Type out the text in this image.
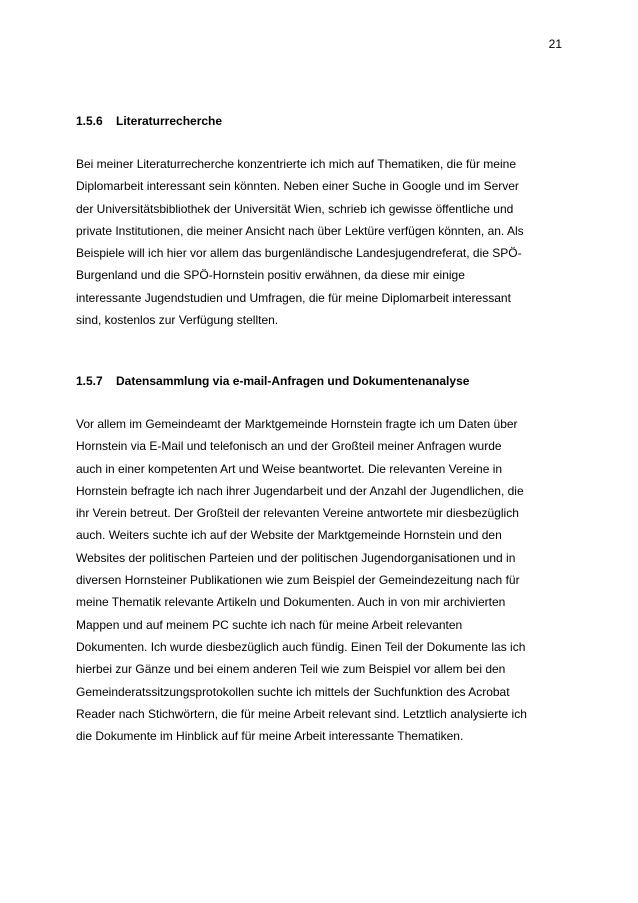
21
1.5.6 Literaturrecherche

Bei meiner Literaturrecherche konzentrierte ich mich auf Thematiken, die für meine
Diplomarbeit interessant sein könnten. Neben einer Suche in Google und im Server
der Universitätsbibliothek der Universität Wien, schrieb ich gewisse öffentliche und
private Institutionen, die meiner Ansicht nach über Lektüre verfügen könnten, an. Als
Beispiele will ich hier vor allem das burgenländische Landesjugendreferat, die SPÖ-
Burgenland und die SPÖ-Hornstein positiv erwähnen, da diese mir einige
interessante Jugendstudien und Umfragen, die für meine Diplomarbeit interessant
sind, kostenlos zur Verfügung stellten.

1.5.7 Datensammlung via e-mail-Anfragen und Dokumentenanalyse

Vor allem im Gemeindeamt der Marktgemeinde Hornstein fragte ich um Daten über
Hornstein via E-Mail und telefonisch an und der Großteil meiner Anfragen wurde
auch in einer kompetenten Art und Weise beantwortet. Die relevanten Vereine in
Hornstein befragte ich nach ihrer Jugendarbeit und der Anzahl der Jugendlichen, die
ihr Verein betreut. Der Großteil der relevanten Vereine antwortete mir diesbezüglich
auch. Weiters suchte ich auf der Website der Marktgemeinde Hornstein und den
Websites der politischen Parteien und der politischen Jugendorganisationen und in
diversen Hornsteiner Publikationen wie zum Beispiel der Gemeindezeitung nach für
meine Thematik relevante Artikeln und Dokumenten. Auch in von mir archivierten
Mappen und auf meinem PC suchte ich nach für meine Arbeit relevanten
Dokumenten. Ich wurde diesbezüglich auch fündig. Einen Teil der Dokumente las ich
hierbei zur Gänze und bei einem anderen Teil wie zum Beispiel vor allem bei den
Gemeinderatssitzungsprotokollen suchte ich mittels der Suchfunktion des Acrobat
Reader nach Stichwörtern, die für meine Arbeit relevant sind. Letztlich analysierte ich
die Dokumente im Hinblick auf für meine Arbeit interessante Thematiken.
